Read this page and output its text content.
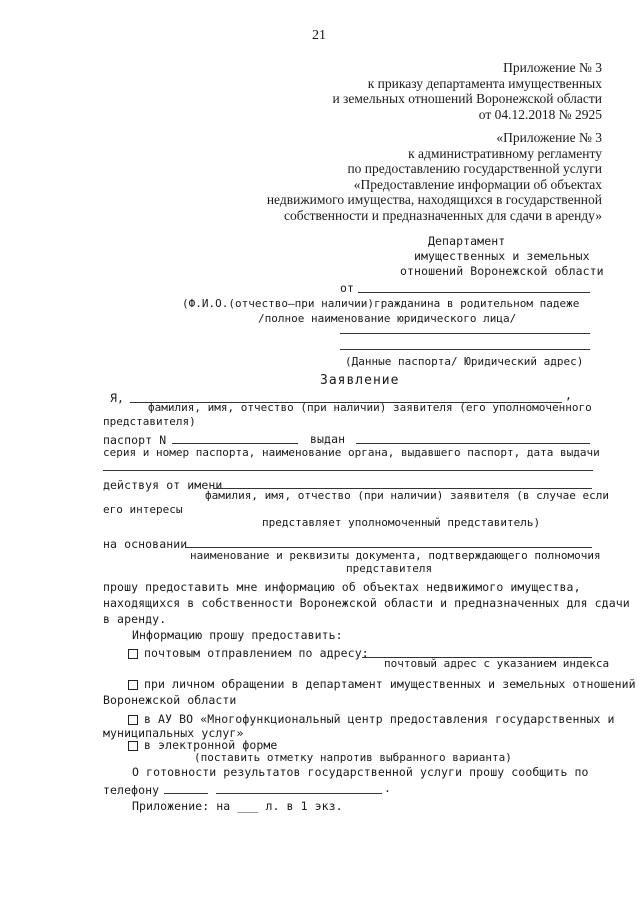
21
Приложение № 3
к приказу департамента имущественных
и земельных отношений Воронежской области
от 04.12.2018 № 2925
«Приложение № 3
к административному регламенту
по предоставлению государственной услуги
«Предоставление информации об объектах
недвижимого имущества, находящихся в государственной
собственности и предназначенных для сдачи в аренду»
Департамент
имущественных и земельных
отношений Воронежской области
от
(Ф.И.О.(отчество–при наличии)гражданина в родительном падеже
/полное наименование юридического лица/
(Данные паспорта/ Юридический адрес)
Заявление
Я,	,
фамилия, имя, отчество (при наличии) заявителя (его уполномоченного
представителя)
паспорт N	выдан
серия и номер паспорта, наименование органа, выдавшего паспорт, дата выдачи
действуя от имени
фамилия, имя, отчество (при наличии) заявителя (в случае если
его интересы
представляет уполномоченный представитель)
на основании
наименование и реквизиты документа, подтверждающего полномочия
представителя
прошу предоставить мне информацию об объектах недвижимого имущества,
находящихся в собственности Воронежской области и предназначенных для сдачи
в аренду.
Информацию прошу предоставить:
почтовым отправлением по адресу:
почтовый адрес с указанием индекса
при личном обращении в департамент имущественных и земельных отношений
Воронежской области
в АУ ВО «Многофункциональный центр предоставления государственных и
муниципальных услуг»
в электронной форме
(поставить отметку напротив выбранного варианта)
О готовности результатов государственной услуги прошу сообщить по
телефону	.
Приложение: на ___ л. в 1 экз.
